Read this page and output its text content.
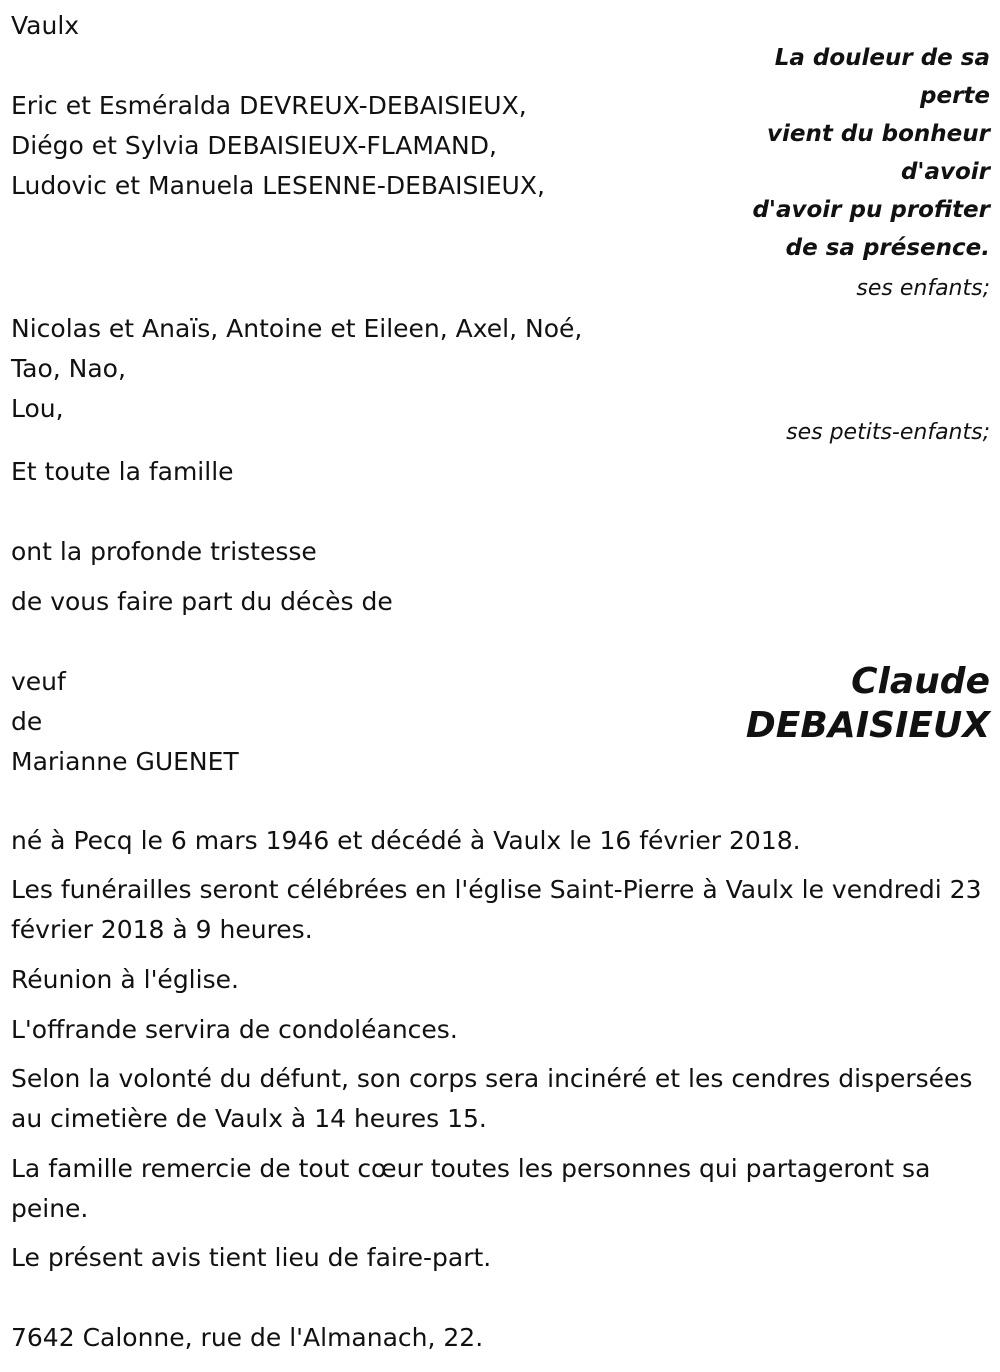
Vaulx
La douleur de sa perte
vient du bonheur d'avoir
d'avoir pu profiter
de sa présence.
Eric et Esméralda DEVREUX-DEBAISIEUX,
Diégo et Sylvia DEBAISIEUX-FLAMAND,
Ludovic et Manuela LESENNE-DEBAISIEUX,
ses enfants;
Nicolas et Anaïs, Antoine et Eileen, Axel, Noé,
Tao, Nao,
Lou,
ses petits-enfants;
Et toute la famille
ont la profonde tristesse
de vous faire part du décès de
veuf
de
Marianne GUENET
Claude
DEBAISIEUX
né à Pecq le 6 mars 1946 et décédé à Vaulx le 16 février 2018.
Les funérailles seront célébrées en l'église Saint-Pierre à Vaulx le vendredi 23 février 2018 à 9 heures.
Réunion à l'église.
L'offrande servira de condoléances.
Selon la volonté du défunt, son corps sera incinéré et les cendres dispersées au cimetière de Vaulx à 14 heures 15.
La famille remercie de tout cœur toutes les personnes qui partageront sa peine.
Le présent avis tient lieu de faire-part.
7642 Calonne, rue de l'Almanach, 22.
